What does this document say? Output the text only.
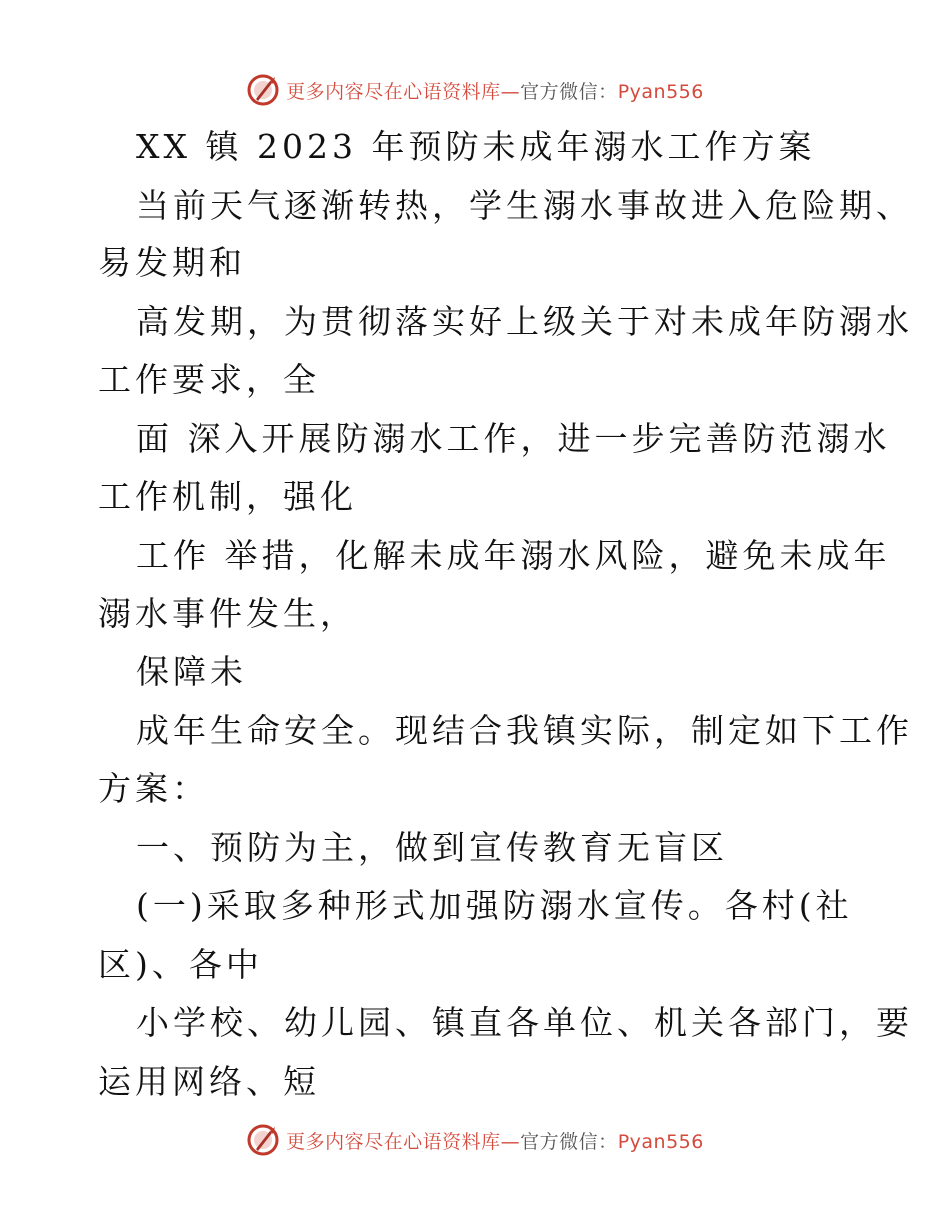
更多内容尽在心语资料库—官方微信：Pyan556
XX 镇 2023 年预防未成年溺水工作方案
当前天气逐渐转热，学生溺水事故进入危险期、
易发期和
高发期，为贯彻落实好上级关于对未成年防溺水
工作要求，全
面 深入开展防溺水工作，进一步完善防范溺水
工作机制，强化
工作 举措，化解未成年溺水风险，避免未成年
溺水事件发生，
保障未
成年生命安全。现结合我镇实际，制定如下工作
方案：
一、预防为主，做到宣传教育无盲区
(一)采取多种形式加强防溺水宣传。各村(社
区)、各中
小学校、幼儿园、镇直各单位、机关各部门，要
运用网络、短
更多内容尽在心语资料库—官方微信：Pyan556
